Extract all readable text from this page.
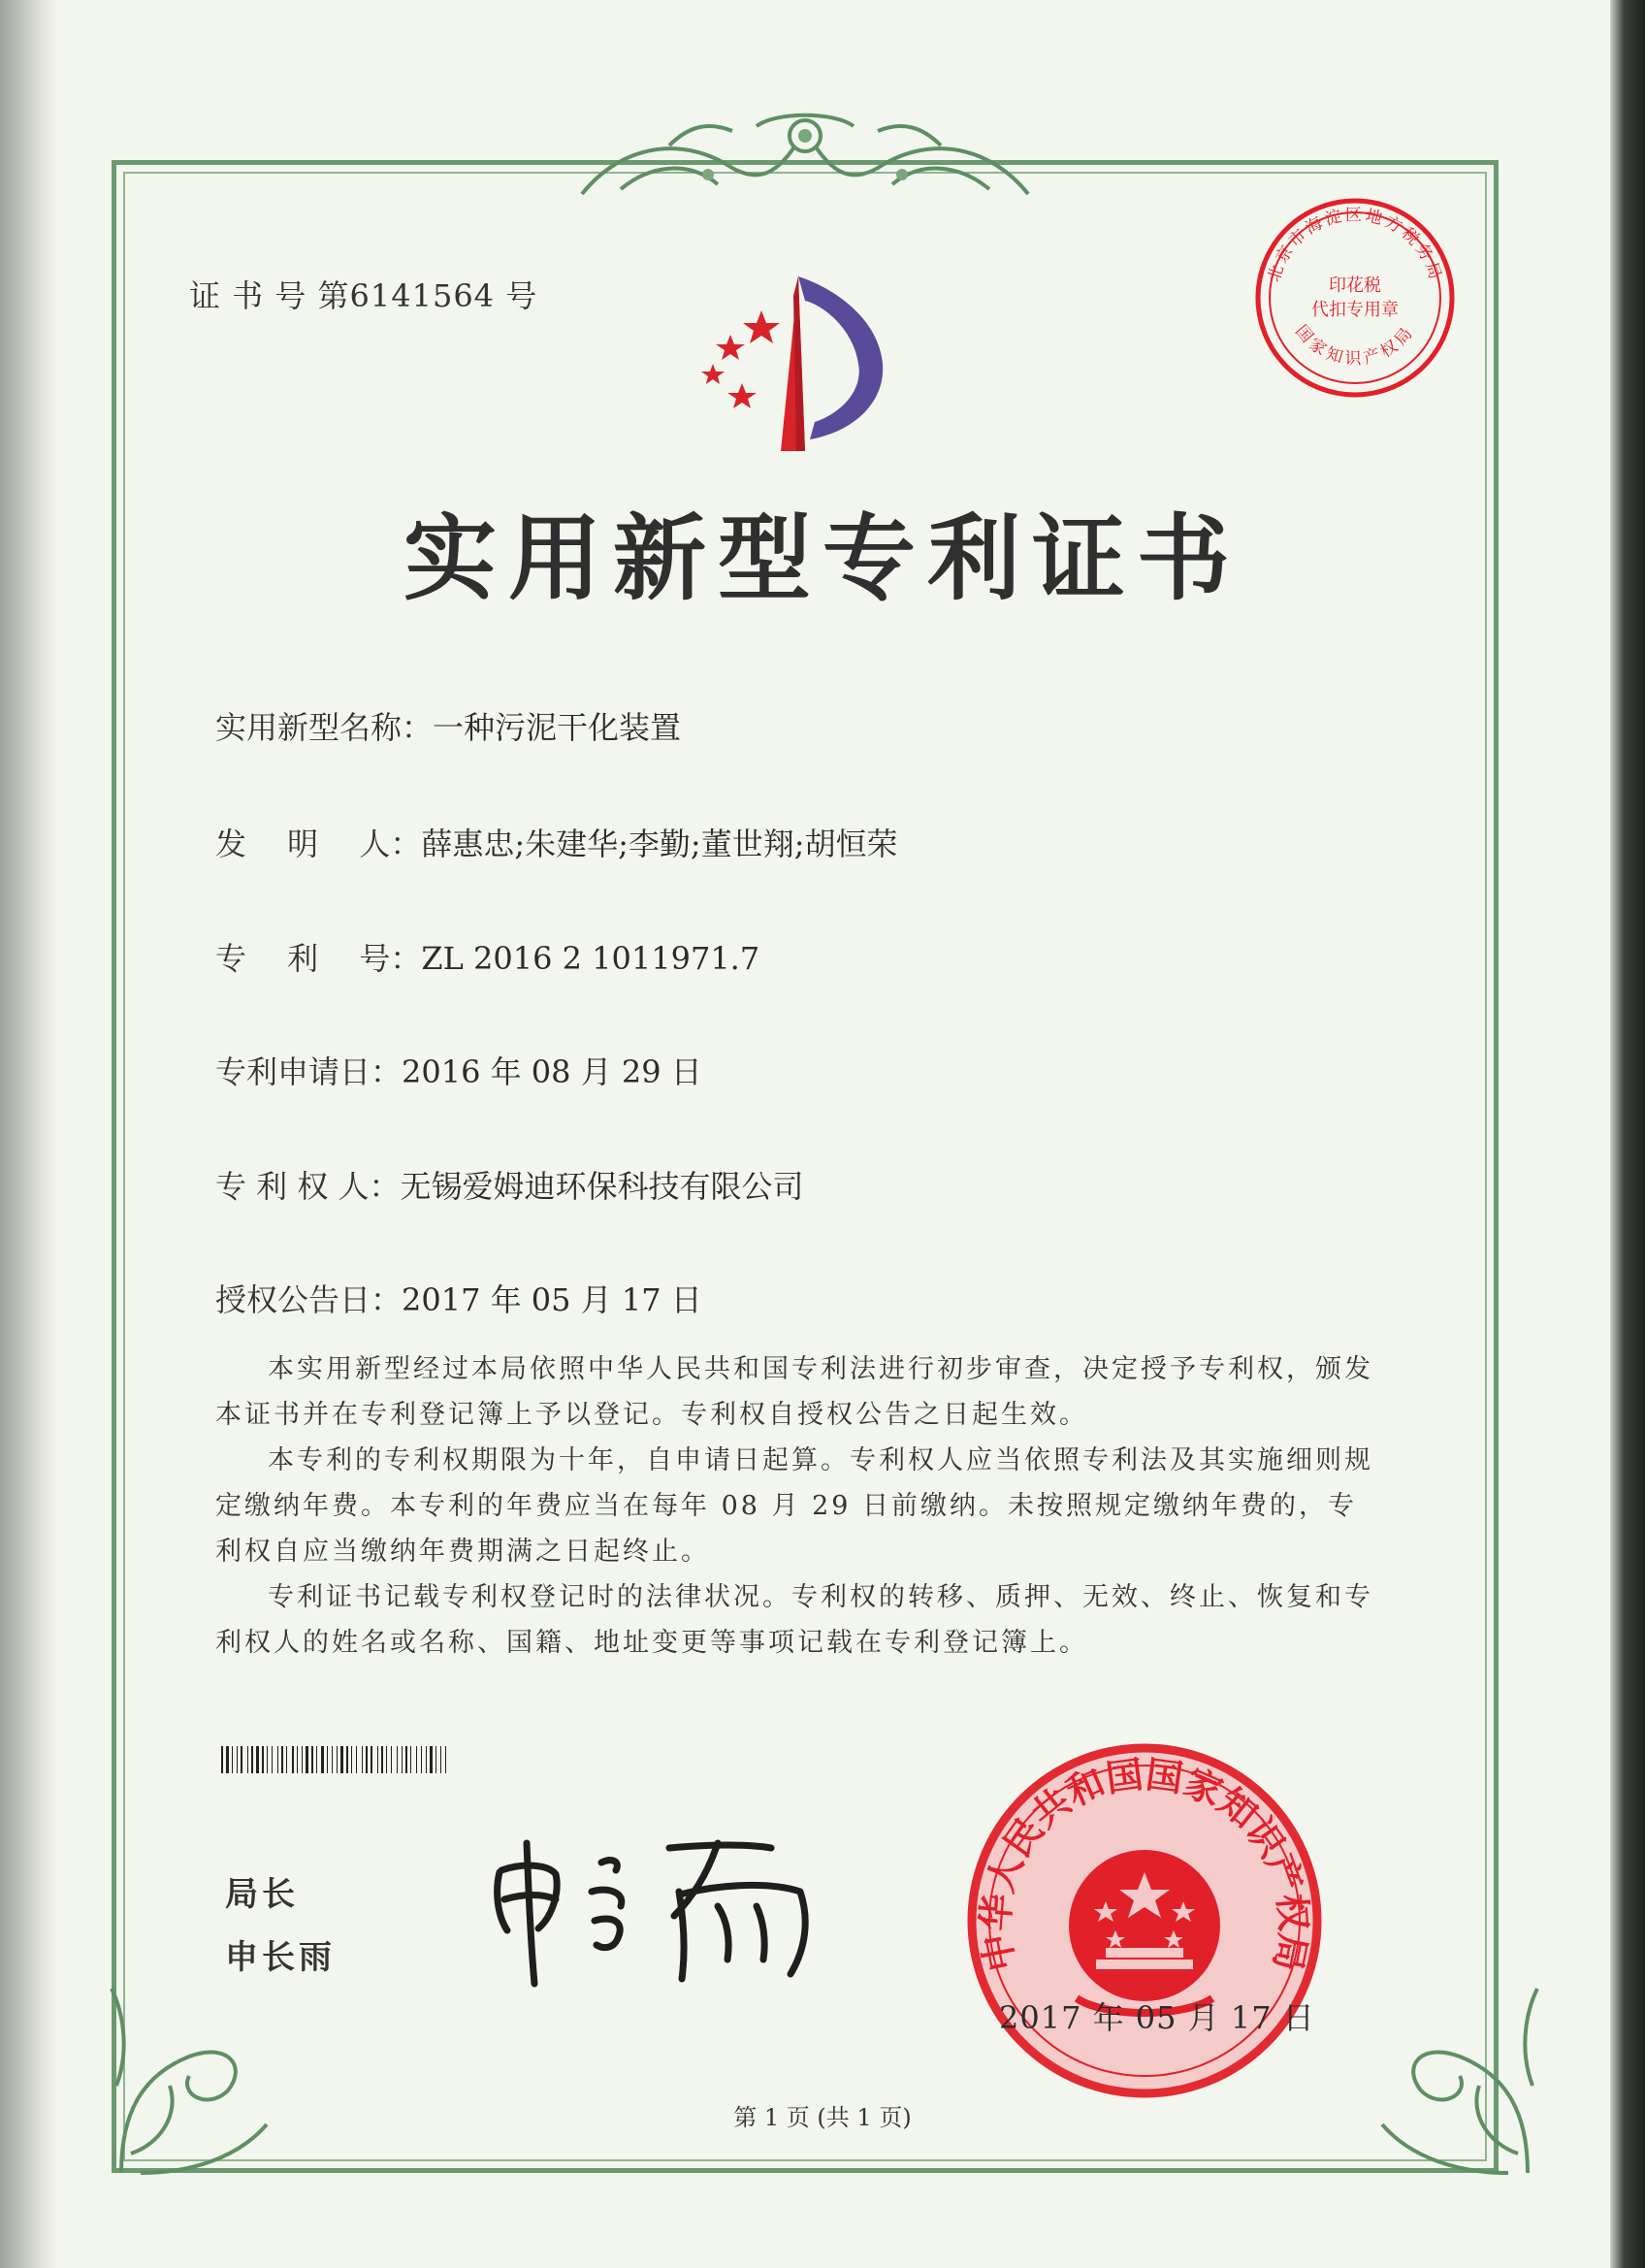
证 书 号 第6141564 号
北京市海淀区地方税务局
印花税
代扣专用章
国家知识产权局
实用新型专利证书
实用新型名称：一种污泥干化装置
发　 明　 人：薛惠忠;朱建华;李勤;董世翔;胡恒荣
专　 利　 号：ZL 2016 2 1011971.7
专利申请日：2016 年 08 月 29 日
专 利 权 人：无锡爱姆迪环保科技有限公司
授权公告日：2017 年 05 月 17 日

本实用新型经过本局依照中华人民共和国专利法进行初步审查，决定授予专利权，颁发本证书并在专利登记簿上予以登记。专利权自授权公告之日起生效。

本专利的专利权期限为十年，自申请日起算。专利权人应当依照专利法及其实施细则规定缴纳年费。本专利的年费应当在每年 08 月 29 日前缴纳。未按照规定缴纳年费的，专利权自应当缴纳年费期满之日起终止。

专利证书记载专利权登记时的法律状况。专利权的转移、质押、无效、终止、恢复和专利权人的姓名或名称、国籍、地址变更等事项记载在专利登记簿上。

局长
申长雨	中华人民共和国国家知识产权局
2017 年 05 月 17 日
第 1 页 (共 1 页)
